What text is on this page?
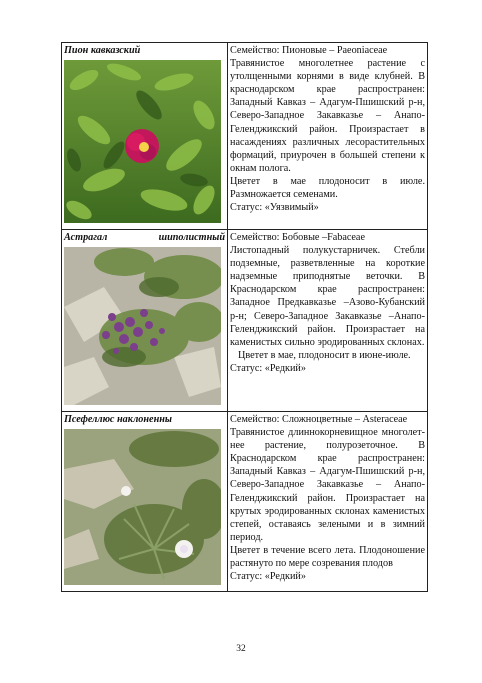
Пион кавказский	Семейство: Пионовые – Paeoniaceae

Травянистое многолетнее растение с утолщенными корнями в виде клубней. В краснодарском крае распространен: Западный Кавказ – Адагум-Пшишский р-н, Северо-Западное Закавказье – Анапо-Геленджикский район. Произрастает в насаждениях различных лесорастительных формаций, приурочен в большей степени к окнам полога.

Цветет в мае плодоносит в июле. Размножается семенами.

Статус: «Уязвимый»

Астрагал шиполистный	Семейство: Бобовые –Fabaceae

Листопадный полукустарничек. Стебли подземные, разветвленные на короткие надземные приподнятые веточки. В Краснодарском крае распространен: Западное Предкавказье –Азово-Кубанский р-н; Северо-Западное Закавказье –Анапо-Геленджикский район. Произрастает на каменистых сильно эродированных склонах.

Цветет в мае, плодоносит в июне-июле.

Статус: «Редкий»

Псефеллюс наклоненны	Семейство: Сложноцветные – Asteraceae

Травянистое длиннокорневищное многолет-нее растение, полурозеточное. В Краснодарском крае распространен: Западный Кавказ – Адагум-Пшишский р-н, Северо-Западное Закавказье – Анапо-Геленджикский район. Произрастает на крутых эродированных склонах каменистых степей, оставаясь зелеными и в зимний период.

Цветет в течение всего лета. Плодоношение растянуто по мере созревания плодов

Статус: «Редкий»

32
